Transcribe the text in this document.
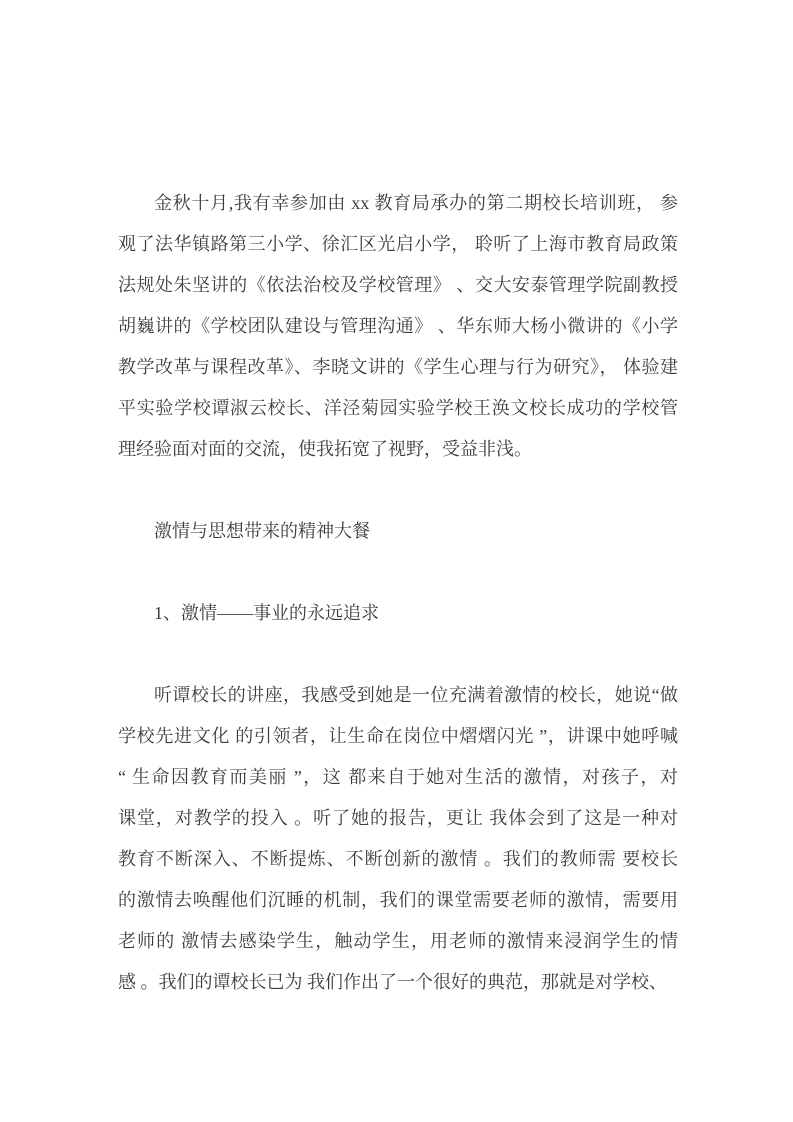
金秋十月,我有幸参加由 xx 教育局承办的第二期校长培训班， 参
观了法华镇路第三小学、徐汇区光启小学， 聆听了上海市教育局政策
法规处朱坚讲的《依法治校及学校管理》 、交大安泰管理学院副教授
胡巍讲的《学校团队建设与管理沟通》 、华东师大杨小微讲的《小学
教学改革与课程改革》、李晓文讲的《学生心理与行为研究》， 体验建
平实验学校谭淑云校长、洋泾菊园实验学校王涣文校长成功的学校管
理经验面对面的交流，使我拓宽了视野，受益非浅。
激情与思想带来的精神大餐
1、激情——事业的永远追求
听谭校长的讲座，我感受到她是一位充满着激情的校长，她说“做
学校先进文化 的引领者，让生命在岗位中熠熠闪光 ”，讲课中她呼喊
“ 生命因教育而美丽 ”，这 都来自于她对生活的激情，对孩子，对
课堂，对教学的投入 。听了她的报告，更让 我体会到了这是一种对
教育不断深入、不断提炼、不断创新的激情 。我们的教师需 要校长
的激情去唤醒他们沉睡的机制，我们的课堂需要老师的激情，需要用
老师的 激情去感染学生，触动学生，用老师的激情来浸润学生的情
感 。我们的谭校长已为 我们作出了一个很好的典范，那就是对学校、
